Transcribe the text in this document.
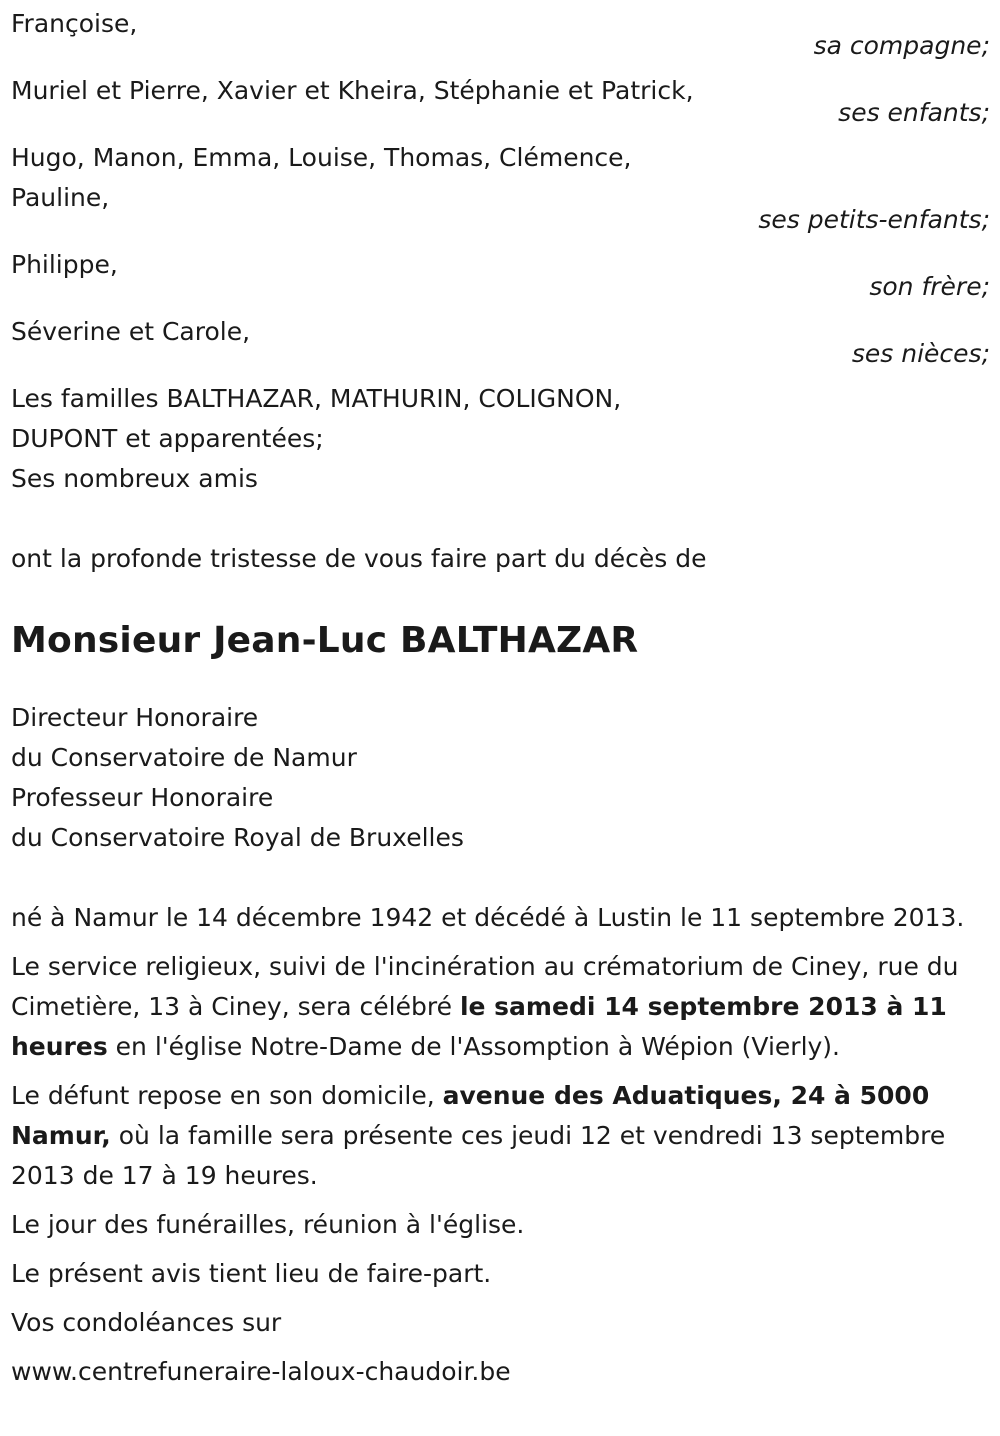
Françoise,
sa compagne;
Muriel et Pierre, Xavier et Kheira, Stéphanie et Patrick,
ses enfants;
Hugo, Manon, Emma, Louise, Thomas, Clémence,
Pauline,
ses petits-enfants;
Philippe,
son frère;
Séverine et Carole,
ses nièces;
Les familles BALTHAZAR, MATHURIN, COLIGNON,
DUPONT et apparentées;
Ses nombreux amis
ont la profonde tristesse de vous faire part du décès de
Monsieur Jean-Luc BALTHAZAR
Directeur Honoraire
du Conservatoire de Namur
Professeur Honoraire
du Conservatoire Royal de Bruxelles
né à Namur le 14 décembre 1942 et décédé à Lustin le 11 septembre 2013.
Le service religieux, suivi de l'incinération au crématorium de Ciney, rue du Cimetière, 13 à Ciney, sera célébré le samedi 14 septembre 2013 à 11 heures en l'église Notre-Dame de l'Assomption à Wépion (Vierly).
Le défunt repose en son domicile, avenue des Aduatiques, 24 à 5000 Namur, où la famille sera présente ces jeudi 12 et vendredi 13 septembre 2013 de 17 à 19 heures.
Le jour des funérailles, réunion à l'église.
Le présent avis tient lieu de faire-part.
Vos condoléances sur
www.centrefuneraire-laloux-chaudoir.be
